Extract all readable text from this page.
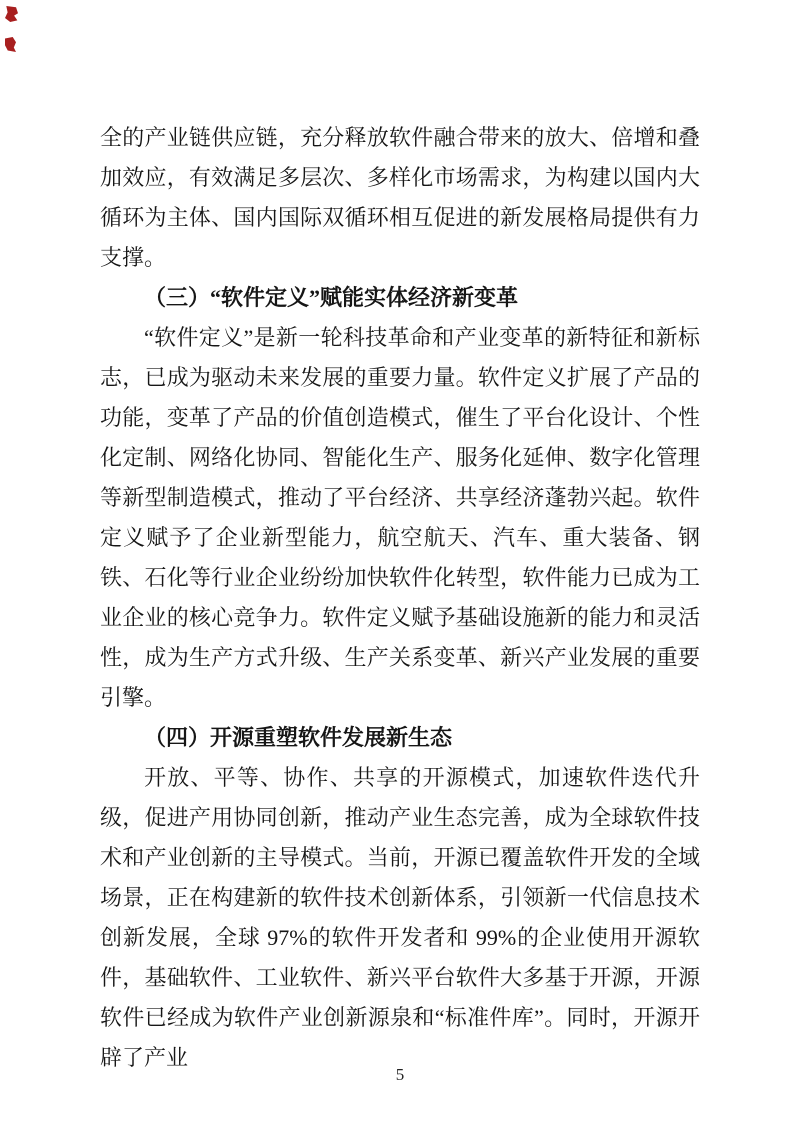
全的产业链供应链，充分释放软件融合带来的放大、倍增和叠加效应，有效满足多层次、多样化市场需求，为构建以国内大循环为主体、国内国际双循环相互促进的新发展格局提供有力支撑。

（三）“软件定义”赋能实体经济新变革

“软件定义”是新一轮科技革命和产业变革的新特征和新标志，已成为驱动未来发展的重要力量。软件定义扩展了产品的功能，变革了产品的价值创造模式，催生了平台化设计、个性化定制、网络化协同、智能化生产、服务化延伸、数字化管理等新型制造模式，推动了平台经济、共享经济蓬勃兴起。软件定义赋予了企业新型能力，航空航天、汽车、重大装备、钢铁、石化等行业企业纷纷加快软件化转型，软件能力已成为工业企业的核心竞争力。软件定义赋予基础设施新的能力和灵活性，成为生产方式升级、生产关系变革、新兴产业发展的重要引擎。

（四）开源重塑软件发展新生态

开放、平等、协作、共享的开源模式，加速软件迭代升级，促进产用协同创新，推动产业生态完善，成为全球软件技术和产业创新的主导模式。当前，开源已覆盖软件开发的全域场景，正在构建新的软件技术创新体系，引领新一代信息技术创新发展，全球 97%的软件开发者和 99%的企业使用开源软件，基础软件、工业软件、新兴平台软件大多基于开源，开源软件已经成为软件产业创新源泉和“标准件库”。同时，开源开辟了产业

5
